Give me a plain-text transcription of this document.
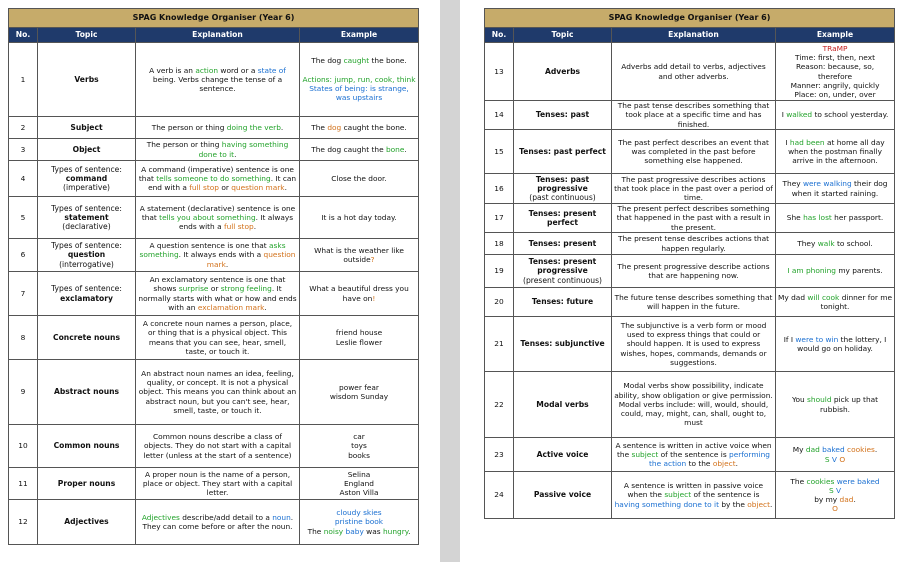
SPAG Knowledge Organiser (Year 6)			
No.	Topic	Explanation	Example
1	Verbs	A verb is an action word or a state of being. Verbs change the tense of a sentence.	The dog caught the bone.

Actions: jump, run, cook, think
States of being: is strange, was upstairs
2	Subject	The person or thing doing the verb.	The dog caught the bone.
3	Object	The person or thing having something done to it.	The dog caught the bone.
4	Types of sentence:
command
(imperative)	A command (imperative) sentence is one that tells someone to do something. It can end with a full stop or question mark.	Close the door.
5	Types of sentence:
statement
(declarative)	A statement (declarative) sentence is one that tells you about something. It always ends with a full stop.	It is a hot day today.
6	Types of sentence:
question
(interrogative)	A question sentence is one that asks something. It always ends with a question mark.	What is the weather like outside?
7	Types of sentence:
exclamatory	An exclamatory sentence is one that shows surprise or strong feeling. It normally starts with what or how and ends with an exclamation mark.	What a beautiful dress you have on!
8	Concrete nouns	A concrete noun names a person, place, or thing that is a physical object. This means that you can see, hear, smell, taste, or touch it.	friend house
Leslie flower
9	Abstract nouns	An abstract noun names an idea, feeling, quality, or concept. It is not a physical object. This means you can think about an abstract noun, but you can't see, hear, smell, taste, or touch it.	power fear
wisdom Sunday
10	Common nouns	Common nouns describe a class of objects. They do not start with a capital letter (unless at the start of a sentence)	car
toys
books
11	Proper nouns	A proper noun is the name of a person, place or object. They start with a capital letter.	Selina
England
Aston Villa
12	Adjectives	Adjectives describe/add detail to a noun. They can come before or after the noun.	cloudy skies
pristine book
The noisy baby was hungry.
SPAG Knowledge Organiser (Year 6)			
No.	Topic	Explanation	Example
13	Adverbs	Adverbs add detail to verbs, adjectives and other adverbs.	TRaMP
Time: first, then, next
Reason: because, so, therefore
Manner: angrily, quickly
Place: on, under, over
14	Tenses: past	The past tense describes something that took place at a specific time and has finished.	I walked to school yesterday.
15	Tenses: past perfect	The past perfect describes an event that was completed in the past before something else happened.	I had been at home all day when the postman finally arrive in the afternoon.
16	Tenses: past progressive
(past continuous)	The past progressive describes actions that took place in the past over a period of time.	They were walking their dog when it started raining.
17	Tenses: present perfect	The present perfect describes something that happened in the past with a result in the present.	She has lost her passport.
18	Tenses: present	The present tense describes actions that happen regularly.	They walk to school.
19	Tenses: present progressive
(present continuous)	The present progressive describe actions that are happening now.	I am phoning my parents.
20	Tenses: future	The future tense describes something that will happen in the future.	My dad will cook dinner for me tonight.
21	Tenses: subjunctive	The subjunctive is a verb form or mood used to express things that could or should happen. It is used to express wishes, hopes, commands, demands or suggestions.	If I were to win the lottery, I would go on holiday.
22	Modal verbs	Modal verbs show possibility, indicate ability, show obligation or give permission. Modal verbs include: will, would, should, could, may, might, can, shall, ought to, must	You should pick up that rubbish.
23	Active voice	A sentence is written in active voice when the subject of the sentence is performing the action to the object.	My dad baked cookies.
S V O
24	Passive voice	A sentence is written in passive voice when the subject of the sentence is having something done to it by the object.	The cookies were baked
S V
by my dad.
O
